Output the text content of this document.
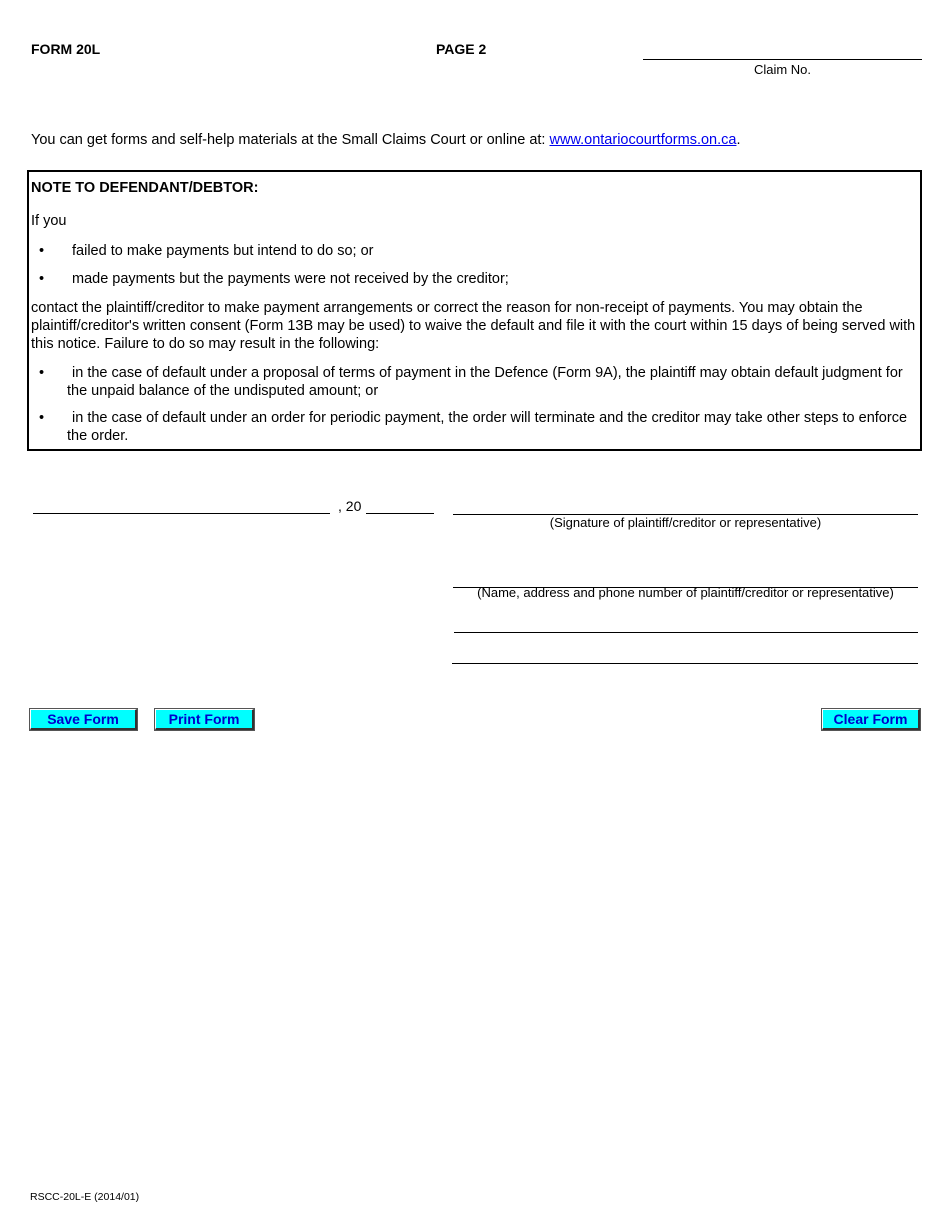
FORM 20L	PAGE 2
Claim No.
You can get forms and self-help materials at the Small Claims Court or online at: www.ontariocourtforms.on.ca.
NOTE TO DEFENDANT/DEBTOR:
If you
• failed to make payments but intend to do so; or
• made payments but the payments were not received by the creditor;
contact the plaintiff/creditor to make payment arrangements or correct the reason for non-receipt of payments. You may obtain the plaintiff/creditor's written consent (Form 13B may be used) to waive the default and file it with the court within 15 days of being served with this notice. Failure to do so may result in the following:
•	in the case of default under a proposal of terms of payment in the Defence (Form 9A), the plaintiff may obtain default judgment for the unpaid balance of the undisputed amount; or
•	in the case of default under an order for periodic payment, the order will terminate and the creditor may take other steps to enforce the order.
, 20
(Signature of plaintiff/creditor or representative)
(Name, address and phone number of plaintiff/creditor or representative)
Save Form	Print Form	Clear Form
RSCC-20L-E (2014/01)
